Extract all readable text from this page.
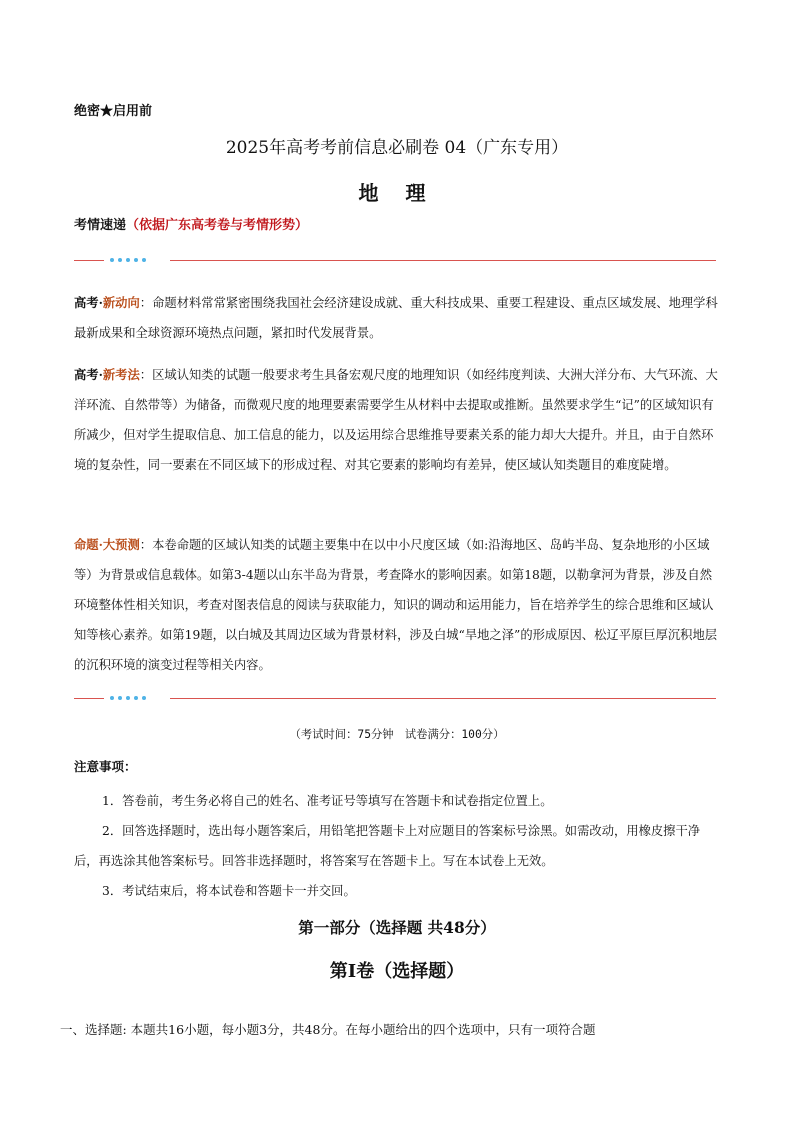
绝密★启用前
2025年高考考前信息必刷卷 04（广东专用）
地 理
考情速递（依据广东高考卷与考情形势）

高考·新动向：命题材料常常紧密围绕我国社会经济建设成就、重大科技成果、重要工程建设、重点区域发展、地理学科最新成果和全球资源环境热点问题，紧扣时代发展背景。

高考·新考法：区域认知类的试题一般要求考生具备宏观尺度的地理知识（如经纬度判读、大洲大洋分布、大气环流、大洋环流、自然带等）为储备，而微观尺度的地理要素需要学生从材料中去提取或推断。虽然要求学生“记”的区域知识有所减少，但对学生提取信息、加工信息的能力，以及运用综合思维推导要素关系的能力却大大提升。并且，由于自然环境的复杂性，同一要素在不同区域下的形成过程、对其它要素的影响均有差异，使区域认知类题目的难度陡增。

命题·大预测：本卷命题的区域认知类的试题主要集中在以中小尺度区域（如:沿海地区、岛屿半岛、复杂地形的小区域等）为背景或信息载体。如第3-4题以山东半岛为背景，考查降水的影响因素。如第18题，以勒拿河为背景，涉及自然环境整体性相关知识，考查对图表信息的阅读与获取能力，知识的调动和运用能力，旨在培养学生的综合思维和区域认知等核心素养。如第19题，以白城及其周边区域为背景材料，涉及白城“旱地之泽”的形成原因、松辽平原巨厚沉积地层的沉积环境的演变过程等相关内容。

（考试时间：75分钟　试卷满分：100分）
注意事项：

1．答卷前，考生务必将自己的姓名、准考证号等填写在答题卡和试卷指定位置上。

2．回答选择题时，选出每小题答案后，用铅笔把答题卡上对应题目的答案标号涂黑。如需改动，用橡皮擦干净后，再选涂其他答案标号。回答非选择题时，将答案写在答题卡上。写在本试卷上无效。

3．考试结束后，将本试卷和答题卡一并交回。

第一部分（选择题 共48分）
第Ⅰ卷（选择题）
一、选择题: 本题共16小题，每小题3分，共48分。在每小题给出的四个选项中，只有一项符合题
